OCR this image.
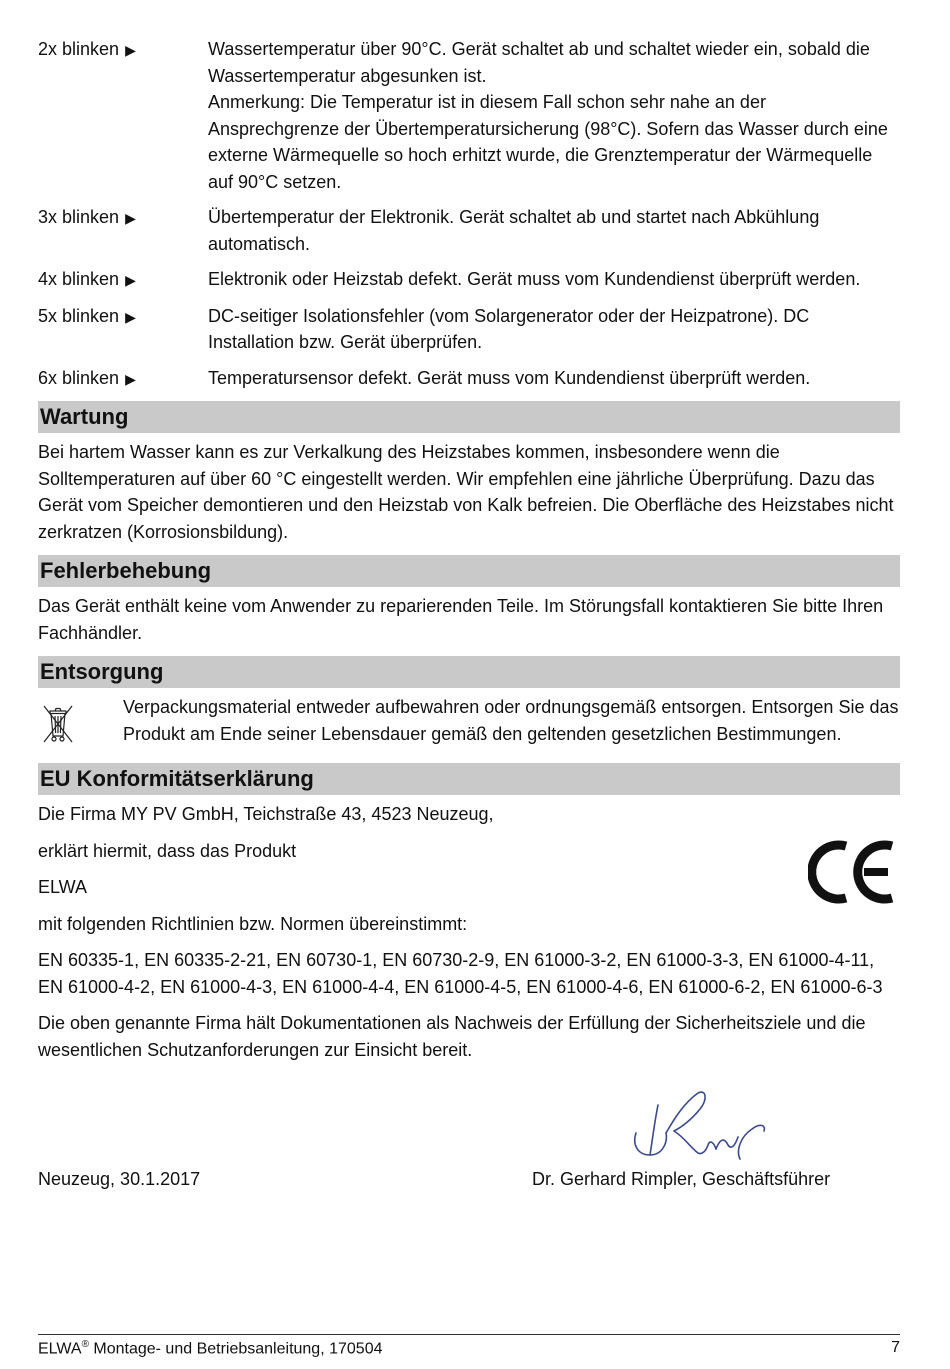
2x blinken ▶	Wassertemperatur über 90°C. Gerät schaltet ab und schaltet wieder ein, sobald die Wassertemperatur abgesunken ist.
Anmerkung: Die Temperatur ist in diesem Fall schon sehr nahe an der Ansprechgrenze der Übertemperatursicherung (98°C). Sofern das Wasser durch eine externe Wärmequelle so hoch erhitzt wurde, die Grenztemperatur der Wärmequelle auf 90°C setzen.
3x blinken ▶	Übertemperatur der Elektronik. Gerät schaltet ab und startet nach Abkühlung automatisch.
4x blinken ▶	Elektronik oder Heizstab defekt. Gerät muss vom Kundendienst überprüft werden.
5x blinken ▶	DC-seitiger Isolationsfehler (vom Solargenerator oder der Heizpatrone). DC Installation bzw. Gerät überprüfen.
6x blinken ▶	Temperatursensor defekt. Gerät muss vom Kundendienst überprüft werden.
Wartung

Bei hartem Wasser kann es zur Verkalkung des Heizstabes kommen, insbesondere wenn die Solltemperaturen auf über 60 °C eingestellt werden. Wir empfehlen eine jährliche Überprüfung. Dazu das Gerät vom Speicher demontieren und den Heizstab von Kalk befreien. Die Oberfläche des Heizstabes nicht zerkratzen (Korrosionsbildung).

Fehlerbehebung

Das Gerät enthält keine vom Anwender zu reparierenden Teile. Im Störungsfall kontaktieren Sie bitte Ihren Fachhändler.

Entsorgung

Verpackungsmaterial entweder aufbewahren oder ordnungsgemäß entsorgen. Entsorgen Sie das Produkt am Ende seiner Lebensdauer gemäß den geltenden gesetzlichen Bestimmungen.

EU Konformitätserklärung

Die Firma MY PV GmbH, Teichstraße 43, 4523 Neuzeug,

erklärt hiermit, dass das Produkt

ELWA

mit folgenden Richtlinien bzw. Normen übereinstimmt:

EN 60335-1, EN 60335-2-21, EN 60730-1, EN 60730-2-9, EN 61000-3-2, EN 61000-3-3, EN 61000-4-11, EN 61000-4-2, EN 61000-4-3, EN 61000-4-4, EN 61000-4-5, EN 61000-4-6, EN 61000-6-2, EN 61000-6-3

Die oben genannte Firma hält Dokumentationen als Nachweis der Erfüllung der Sicherheitsziele und die wesentlichen Schutzanforderungen zur Einsicht bereit.

Neuzeug, 30.1.2017	Dr. Gerhard Rimpler, Geschäftsführer
ELWA® Montage- und Betriebsanleitung, 170504	7
